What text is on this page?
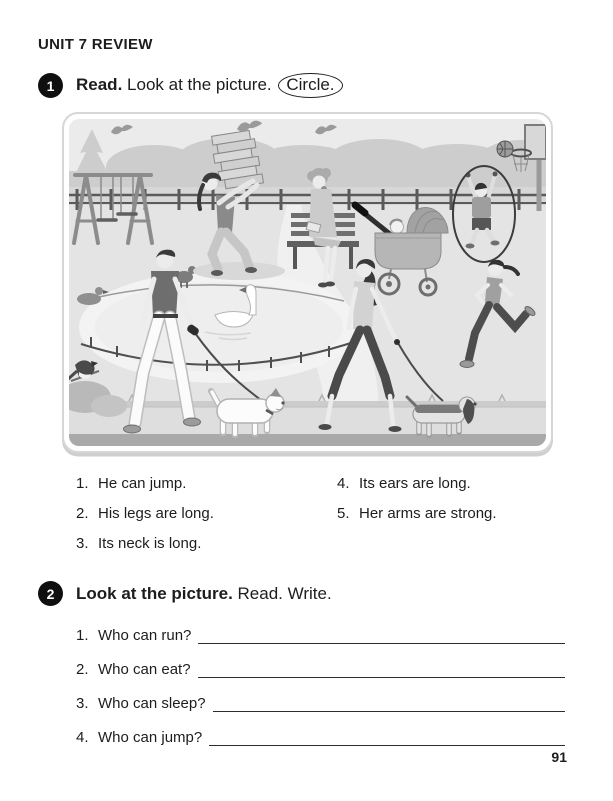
UNIT 7 REVIEW
1	Read. Look at the picture. Circle.
1. He can jump.
2. His legs are long.
3. Its neck is long.
4. Its ears are long.
5. Her arms are strong.
2	Look at the picture. Read. Write.
1. Who can run?
2. Who can eat?
3. Who can sleep?
4. Who can jump?
91
